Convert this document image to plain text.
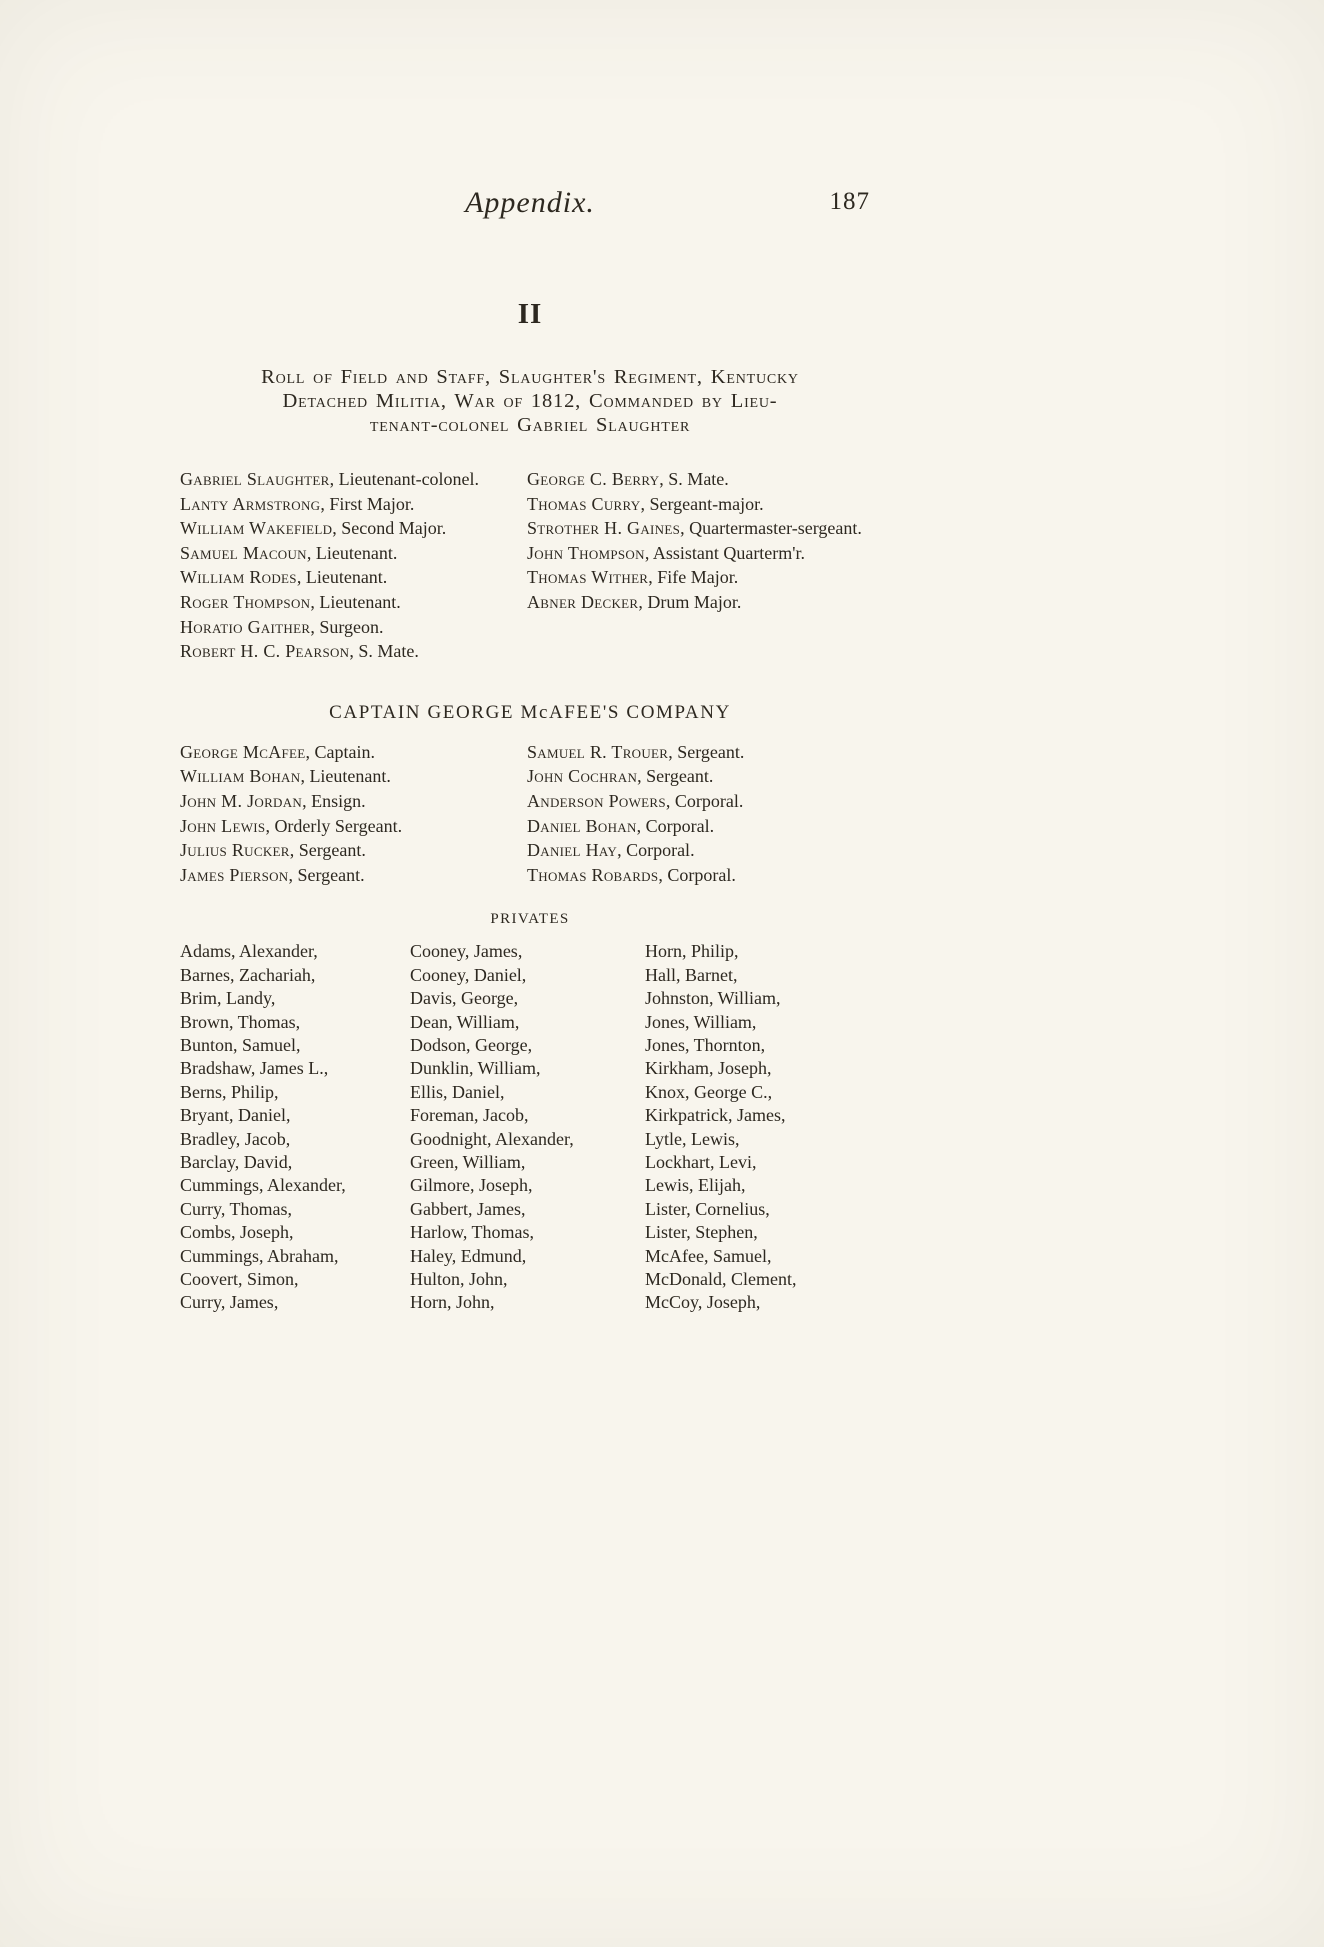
Appendix.	187
II
Roll of Field and Staff, Slaughter's Regiment, Kentucky
Detached Militia, War of 1812, Commanded by Lieu-
tenant-colonel Gabriel Slaughter
Gabriel Slaughter, Lieutenant-colonel.
Lanty Armstrong, First Major.
William Wakefield, Second Major.
Samuel Macoun, Lieutenant.
William Rodes, Lieutenant.
Roger Thompson, Lieutenant.
Horatio Gaither, Surgeon.
Robert H. C. Pearson, S. Mate.
George C. Berry, S. Mate.
Thomas Curry, Sergeant-major.
Strother H. Gaines, Quartermaster-sergeant.
John Thompson, Assistant Quarterm'r.
Thomas Wither, Fife Major.
Abner Decker, Drum Major.
CAPTAIN GEORGE McAFEE'S COMPANY
George McAfee, Captain.
William Bohan, Lieutenant.
John M. Jordan, Ensign.
John Lewis, Orderly Sergeant.
Julius Rucker, Sergeant.
James Pierson, Sergeant.
Samuel R. Trouer, Sergeant.
John Cochran, Sergeant.
Anderson Powers, Corporal.
Daniel Bohan, Corporal.
Daniel Hay, Corporal.
Thomas Robards, Corporal.
PRIVATES
Adams, Alexander,
Barnes, Zachariah,
Brim, Landy,
Brown, Thomas,
Bunton, Samuel,
Bradshaw, James L.,
Berns, Philip,
Bryant, Daniel,
Bradley, Jacob,
Barclay, David,
Cummings, Alexander,
Curry, Thomas,
Combs, Joseph,
Cummings, Abraham,
Coovert, Simon,
Curry, James,
Cooney, James,
Cooney, Daniel,
Davis, George,
Dean, William,
Dodson, George,
Dunklin, William,
Ellis, Daniel,
Foreman, Jacob,
Goodnight, Alexander,
Green, William,
Gilmore, Joseph,
Gabbert, James,
Harlow, Thomas,
Haley, Edmund,
Hulton, John,
Horn, John,
Horn, Philip,
Hall, Barnet,
Johnston, William,
Jones, William,
Jones, Thornton,
Kirkham, Joseph,
Knox, George C.,
Kirkpatrick, James,
Lytle, Lewis,
Lockhart, Levi,
Lewis, Elijah,
Lister, Cornelius,
Lister, Stephen,
McAfee, Samuel,
McDonald, Clement,
McCoy, Joseph,
